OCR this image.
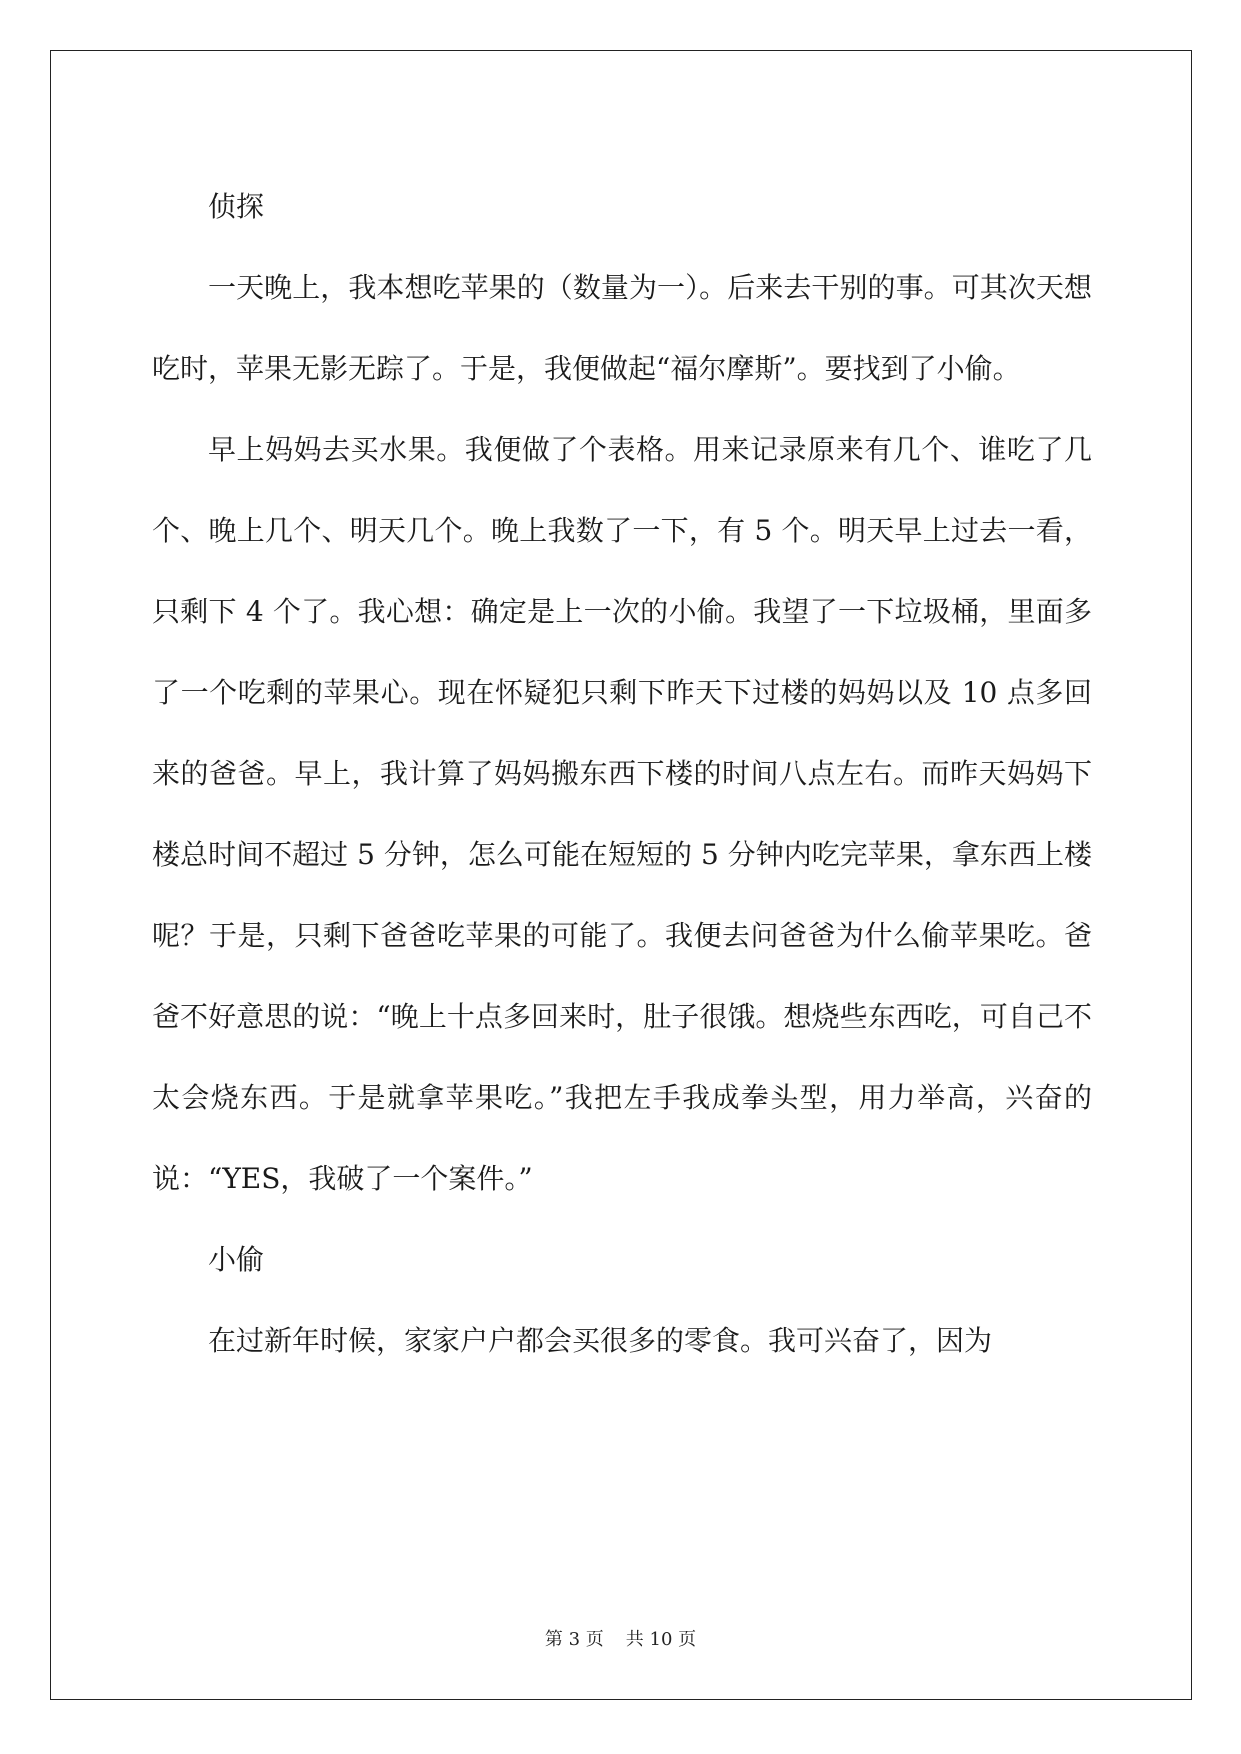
侦探

一天晚上，我本想吃苹果的（数量为一）。后来去干别的事。可其次天想吃时，苹果无影无踪了。于是，我便做起“福尔摩斯”。要找到了小偷。

早上妈妈去买水果。我便做了个表格。用来记录原来有几个、谁吃了几个、晚上几个、明天几个。晚上我数了一下，有 5 个。明天早上过去一看，只剩下 4 个了。我心想：确定是上一次的小偷。我望了一下垃圾桶，里面多了一个吃剩的苹果心。现在怀疑犯只剩下昨天下过楼的妈妈以及 10 点多回来的爸爸。早上，我计算了妈妈搬东西下楼的时间八点左右。而昨天妈妈下楼总时间不超过 5 分钟，怎么可能在短短的 5 分钟内吃完苹果，拿东西上楼呢？于是，只剩下爸爸吃苹果的可能了。我便去问爸爸为什么偷苹果吃。爸爸不好意思的说：“晚上十点多回来时，肚子很饿。想烧些东西吃，可自己不太会烧东西。于是就拿苹果吃。”我把左手我成拳头型，用力举高，兴奋的说：“YES，我破了一个案件。”

小偷

在过新年时候，家家户户都会买很多的零食。我可兴奋了，因为

第 3 页 共 10 页
